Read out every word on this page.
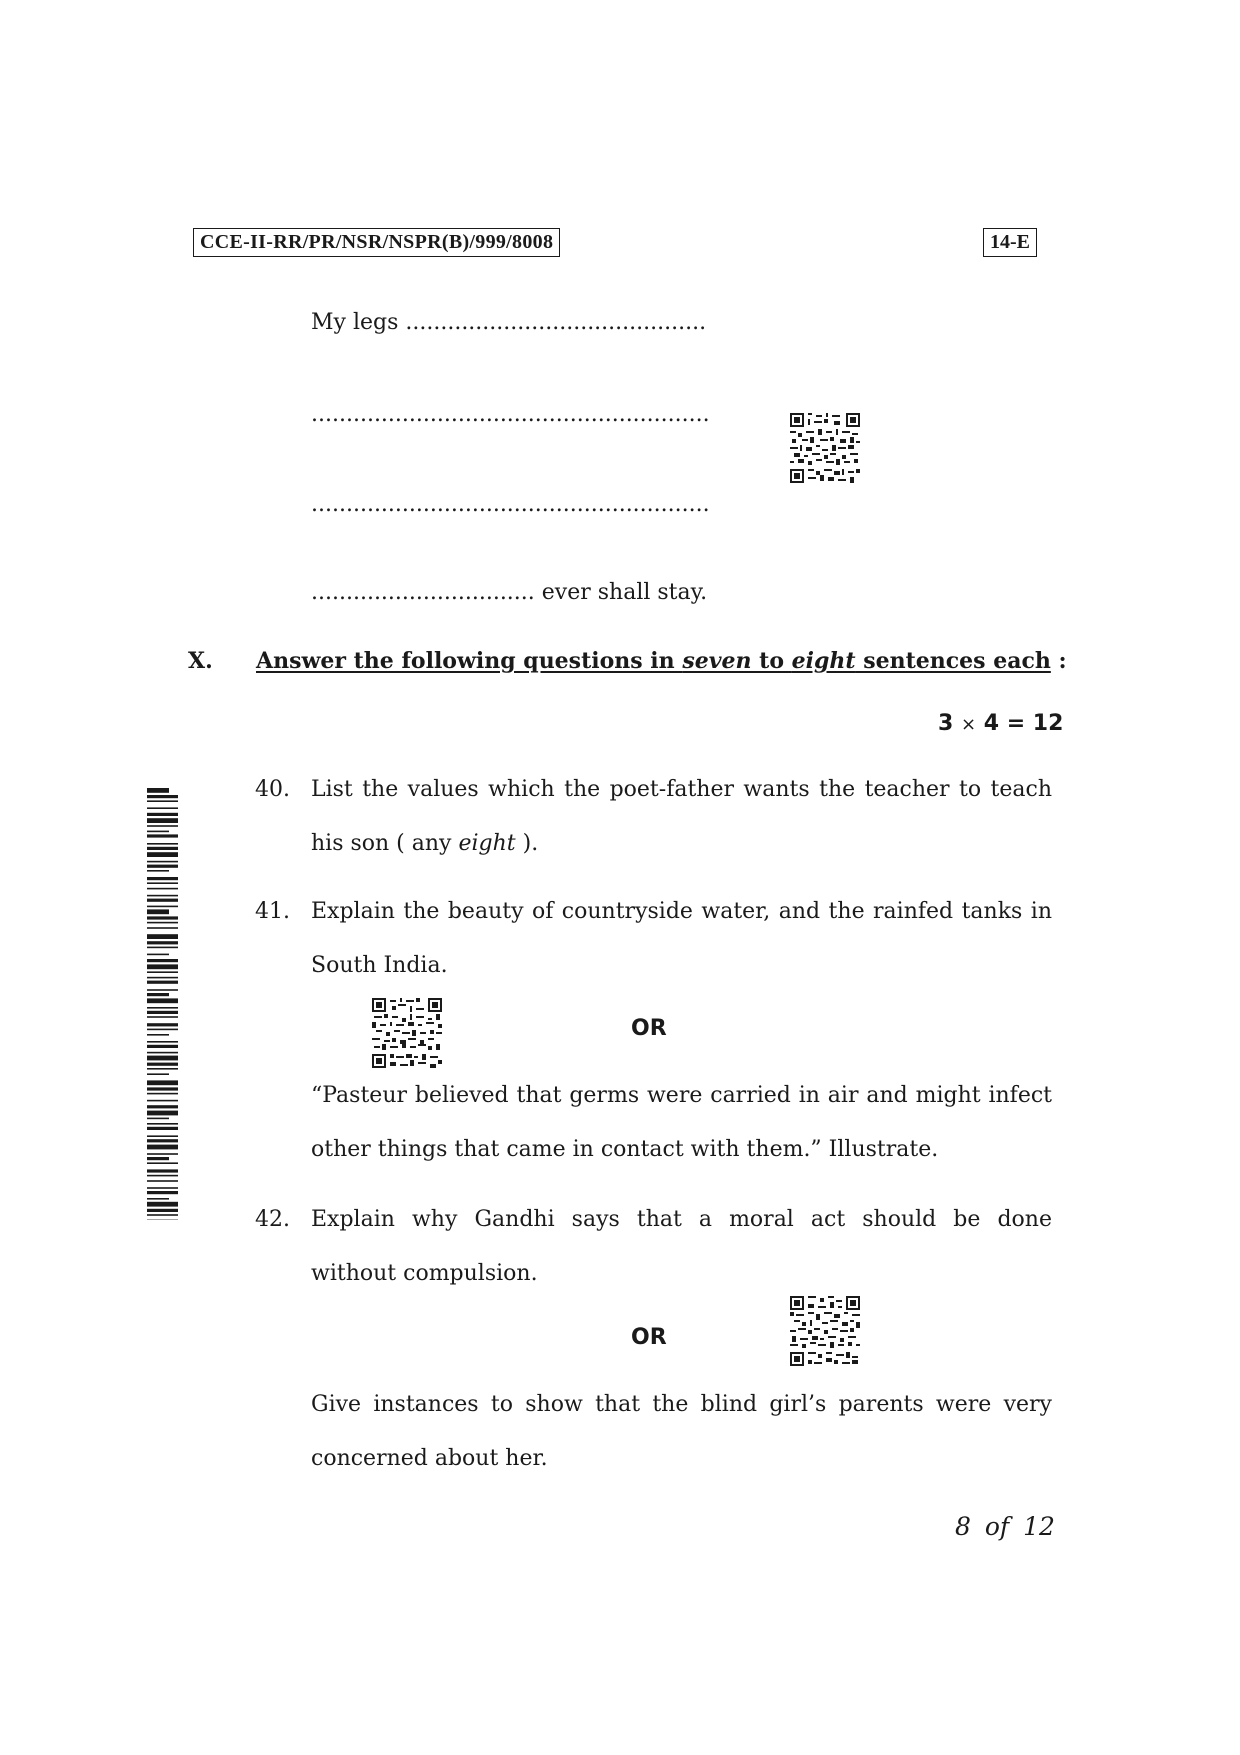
CCE-II-RR/PR/NSR/NSPR(B)/999/8008	14-E
My legs ...........................................
.........................................................
.........................................................
................................ ever shall stay.
X. Answer the following questions in seven to eight sentences each :
3 × 4 = 12
40. List the values which the poet-father wants the teacher to teach
his son ( any eight ).
41. Explain the beauty of countryside water, and the rainfed tanks in
South India.
OR
“Pasteur believed that germs were carried in air and might infect
other things that came in contact with them.” Illustrate.
42. Explain why Gandhi says that a moral act should be done
without compulsion.
OR
Give instances to show that the blind girl’s parents were very
concerned about her.
8 of 12
